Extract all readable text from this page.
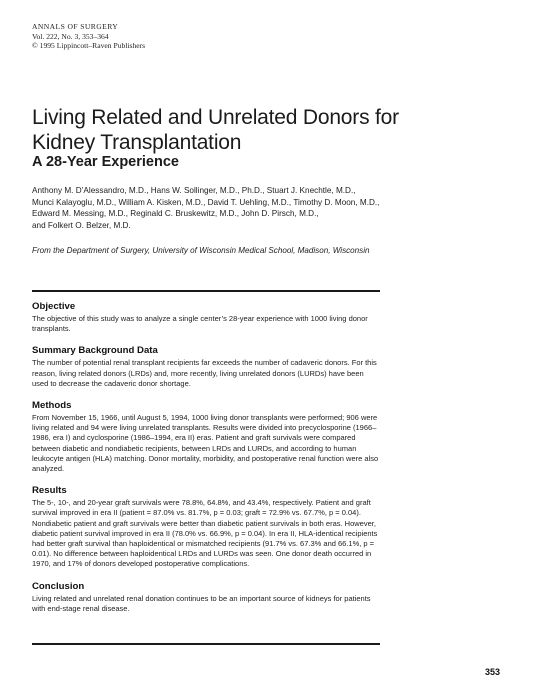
ANNALS OF SURGERY
Vol. 222, No. 3, 353–364
© 1995 Lippincott–Raven Publishers
Living Related and Unrelated Donors for Kidney Transplantation
A 28-Year Experience
Anthony M. D’Alessandro, M.D., Hans W. Sollinger, M.D., Ph.D., Stuart J. Knechtle, M.D.,
Munci Kalayoglu, M.D., William A. Kisken, M.D., David T. Uehling, M.D., Timothy D. Moon, M.D.,
Edward M. Messing, M.D., Reginald C. Bruskewitz, M.D., John D. Pirsch, M.D.,
and Folkert O. Belzer, M.D.
From the Department of Surgery, University of Wisconsin Medical School, Madison, Wisconsin
Objective

The objective of this study was to analyze a single center’s 28-year experience with 1000 living donor transplants.

Summary Background Data

The number of potential renal transplant recipients far exceeds the number of cadaveric donors. For this reason, living related donors (LRDs) and, more recently, living unrelated donors (LURDs) have been used to decrease the cadaveric donor shortage.

Methods

From November 15, 1966, until August 5, 1994, 1000 living donor transplants were performed; 906 were living related and 94 were living unrelated transplants. Results were divided into precyclosporine (1966–1986, era I) and cyclosporine (1986–1994, era II) eras. Patient and graft survivals were compared between diabetic and nondiabetic recipients, between LRDs and LURDs, and according to human leukocyte antigen (HLA) matching. Donor mortality, morbidity, and postoperative renal function were also analyzed.

Results

The 5-, 10-, and 20-year graft survivals were 78.8%, 64.8%, and 43.4%, respectively. Patient and graft survival improved in era II (patient = 87.0% vs. 81.7%, p = 0.03; graft = 72.9% vs. 67.7%, p = 0.04). Nondiabetic patient and graft survivals were better than diabetic patient survivals in both eras. However, diabetic patient survival improved in era II (78.0% vs. 66.9%, p = 0.04). In era II, HLA-identical recipients had better graft survival than haploidentical or mismatched recipients (91.7% vs. 67.3% and 66.1%, p = 0.01). No difference between haploidentical LRDs and LURDs was seen. One donor death occurred in 1970, and 17% of donors developed postoperative complications.

Conclusion

Living related and unrelated renal donation continues to be an important source of kidneys for patients with end-stage renal disease.

353
